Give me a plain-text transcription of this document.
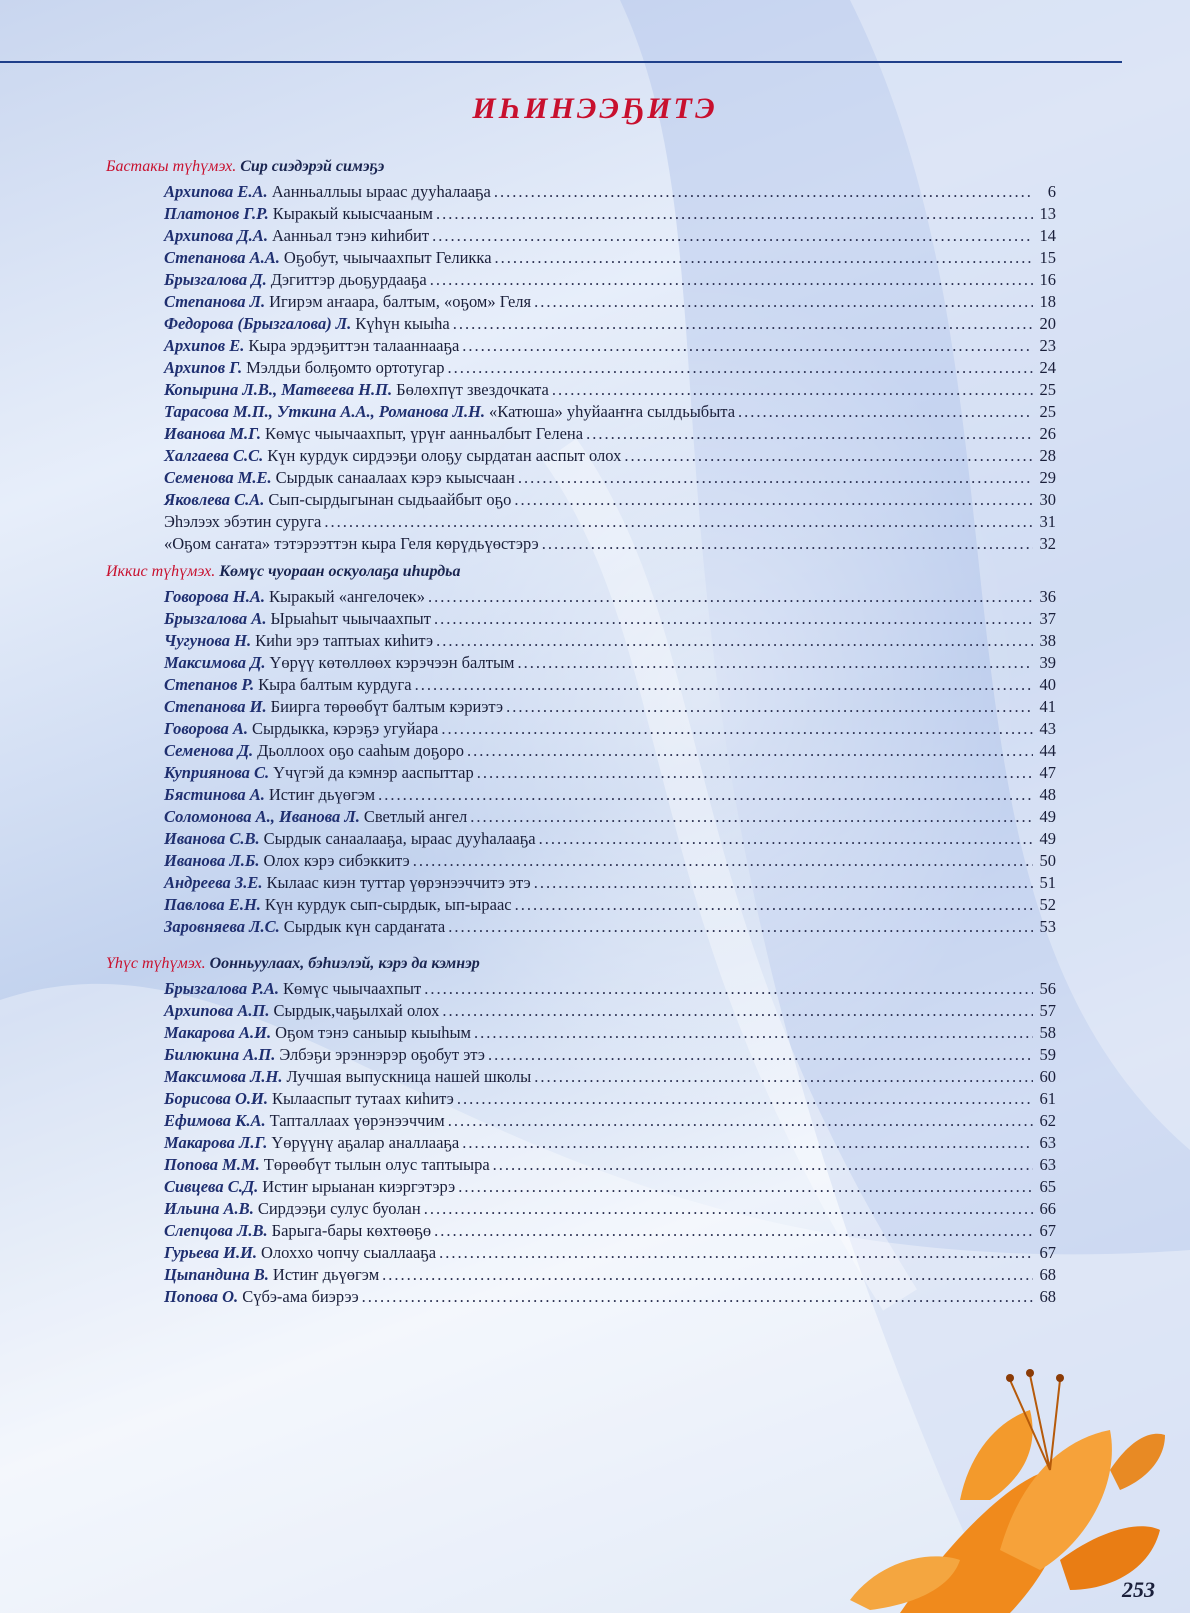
ИҺИНЭЭҔИТЭ
Бастакы түһүмэх. Сир сиэдэрэй симэҕэ
Архипова Е.А. Аанньаллыы ыраас дууһалааҕа .....	6
Платонов Г.Р. Кыракый кыысчааным .....	13
Архипова Д.А. Аанньал тэнэ киһибит .....	14
Степанова А.А. Оҕобут, чыычаахпыт Геликка .....	15
Брызгалова Д. Дэгиттэр дьоҕурдааҕа .....	16
Степанова Л. Игирэм аҥаара, балтым, «оҕом» Геля .....	18
Федорова (Брызгалова) Л. Күһүн кыыһа .....	20
Архипов Е. Кыра эрдэҕиттэн талааннааҕа .....	23
Архипов Г. Мэлдьи болҕомто ортотугар .....	24
Копырина Л.В., Матвеева Н.П. Бөлөхпүт звездочката .....	25
Тарасова М.П., Уткина А.А., Романова Л.Н. «Катюша» уһуйааҥҥа сылдьыбыта .....	25
Иванова М.Г. Көмүс чыычаахпыт, үрүҥ аанньалбыт Гелена .....	26
Халгаева С.С. Күн курдук сирдээҕи олоҕу сырдатан ааспыт олох .....	28
Семенова М.Е. Сырдык санаалаах кэрэ кыысчаан .....	29
Яковлева С.А. Сып-сырдыгынан сыдьаайбыт оҕо .....	30
Эһэлээх эбэтин суруга .....	31
«Оҕом саҥата» тэтэрээттэн кыра Геля көрүдьүөстэрэ .....	32
Иккис түһүмэх. Көмүс чуораан оскуолаҕа иһирдьа
Говорова Н.А. Кыракый «ангелочек» .....	36
Брызгалова А. Ырыаһыт чыычаахпыт .....	37
Чугунова Н. Киһи эрэ таптыах киһитэ .....	38
Максимова Д. Үөрүү көтөллөөх кэрэчээн балтым .....	39
Степанов Р. Кыра балтым курдуга .....	40
Степанова И. Биирга төрөөбүт балтым кэриэтэ .....	41
Говорова А. Сырдыкка, кэрэҕэ угуйара .....	43
Семенова Д. Дьоллоох оҕо сааһым доҕоро .....	44
Куприянова С. Үчүгэй да кэмнэр ааспыттар .....	47
Бястинова А. Истиҥ дьүөгэм .....	48
Соломонова А., Иванова Л. Светлый ангел .....	49
Иванова С.В. Сырдык санаалааҕа, ыраас дууһалааҕа .....	49
Иванова Л.Б. Олох кэрэ сибэккитэ .....	50
Андреева З.Е. Кылаас киэн туттар үөрэнээччитэ этэ .....	51
Павлова Е.Н. Күн курдук сып-сырдык, ып-ыраас .....	52
Заровняева Л.С. Сырдык күн сардаҥата .....	53
Үһүс түһүмэх. Оонньуулаах, бэһиэлэй, кэрэ да кэмнэр
Брызгалова Р.А. Көмүс чыычаахпыт .....	56
Архипова А.П. Сырдык,чаҕылхай олох .....	57
Макарова А.И. Оҕом тэнэ саныыр кыыһым .....	58
Билюкина А.П. Элбэҕи эрэннэрэр оҕобут этэ .....	59
Максимова Л.Н. Лучшая выпускница нашей школы .....	60
Борисова О.И. Кылааспыт тутаах киһитэ .....	61
Ефимова К.А. Тапталлаах үөрэнээччим .....	62
Макарова Л.Г. Үөрүүнү аҕалар аналлааҕа .....	63
Попова М.М. Төрөөбүт тылын олус таптыыра .....	63
Сивцева С.Д. Истиҥ ырыанан киэргэтэрэ .....	65
Ильина А.В. Сирдээҕи сулус буолан .....	66
Слепцова Л.В. Барыга-бары көхтөөҕө .....	67
Гурьева И.И. Олоххо чопчу сыаллааҕа .....	67
Цыпандина В. Истиҥ дьүөгэм .....	68
Попова О. Сүбэ-ама биэрээ .....	68
253
